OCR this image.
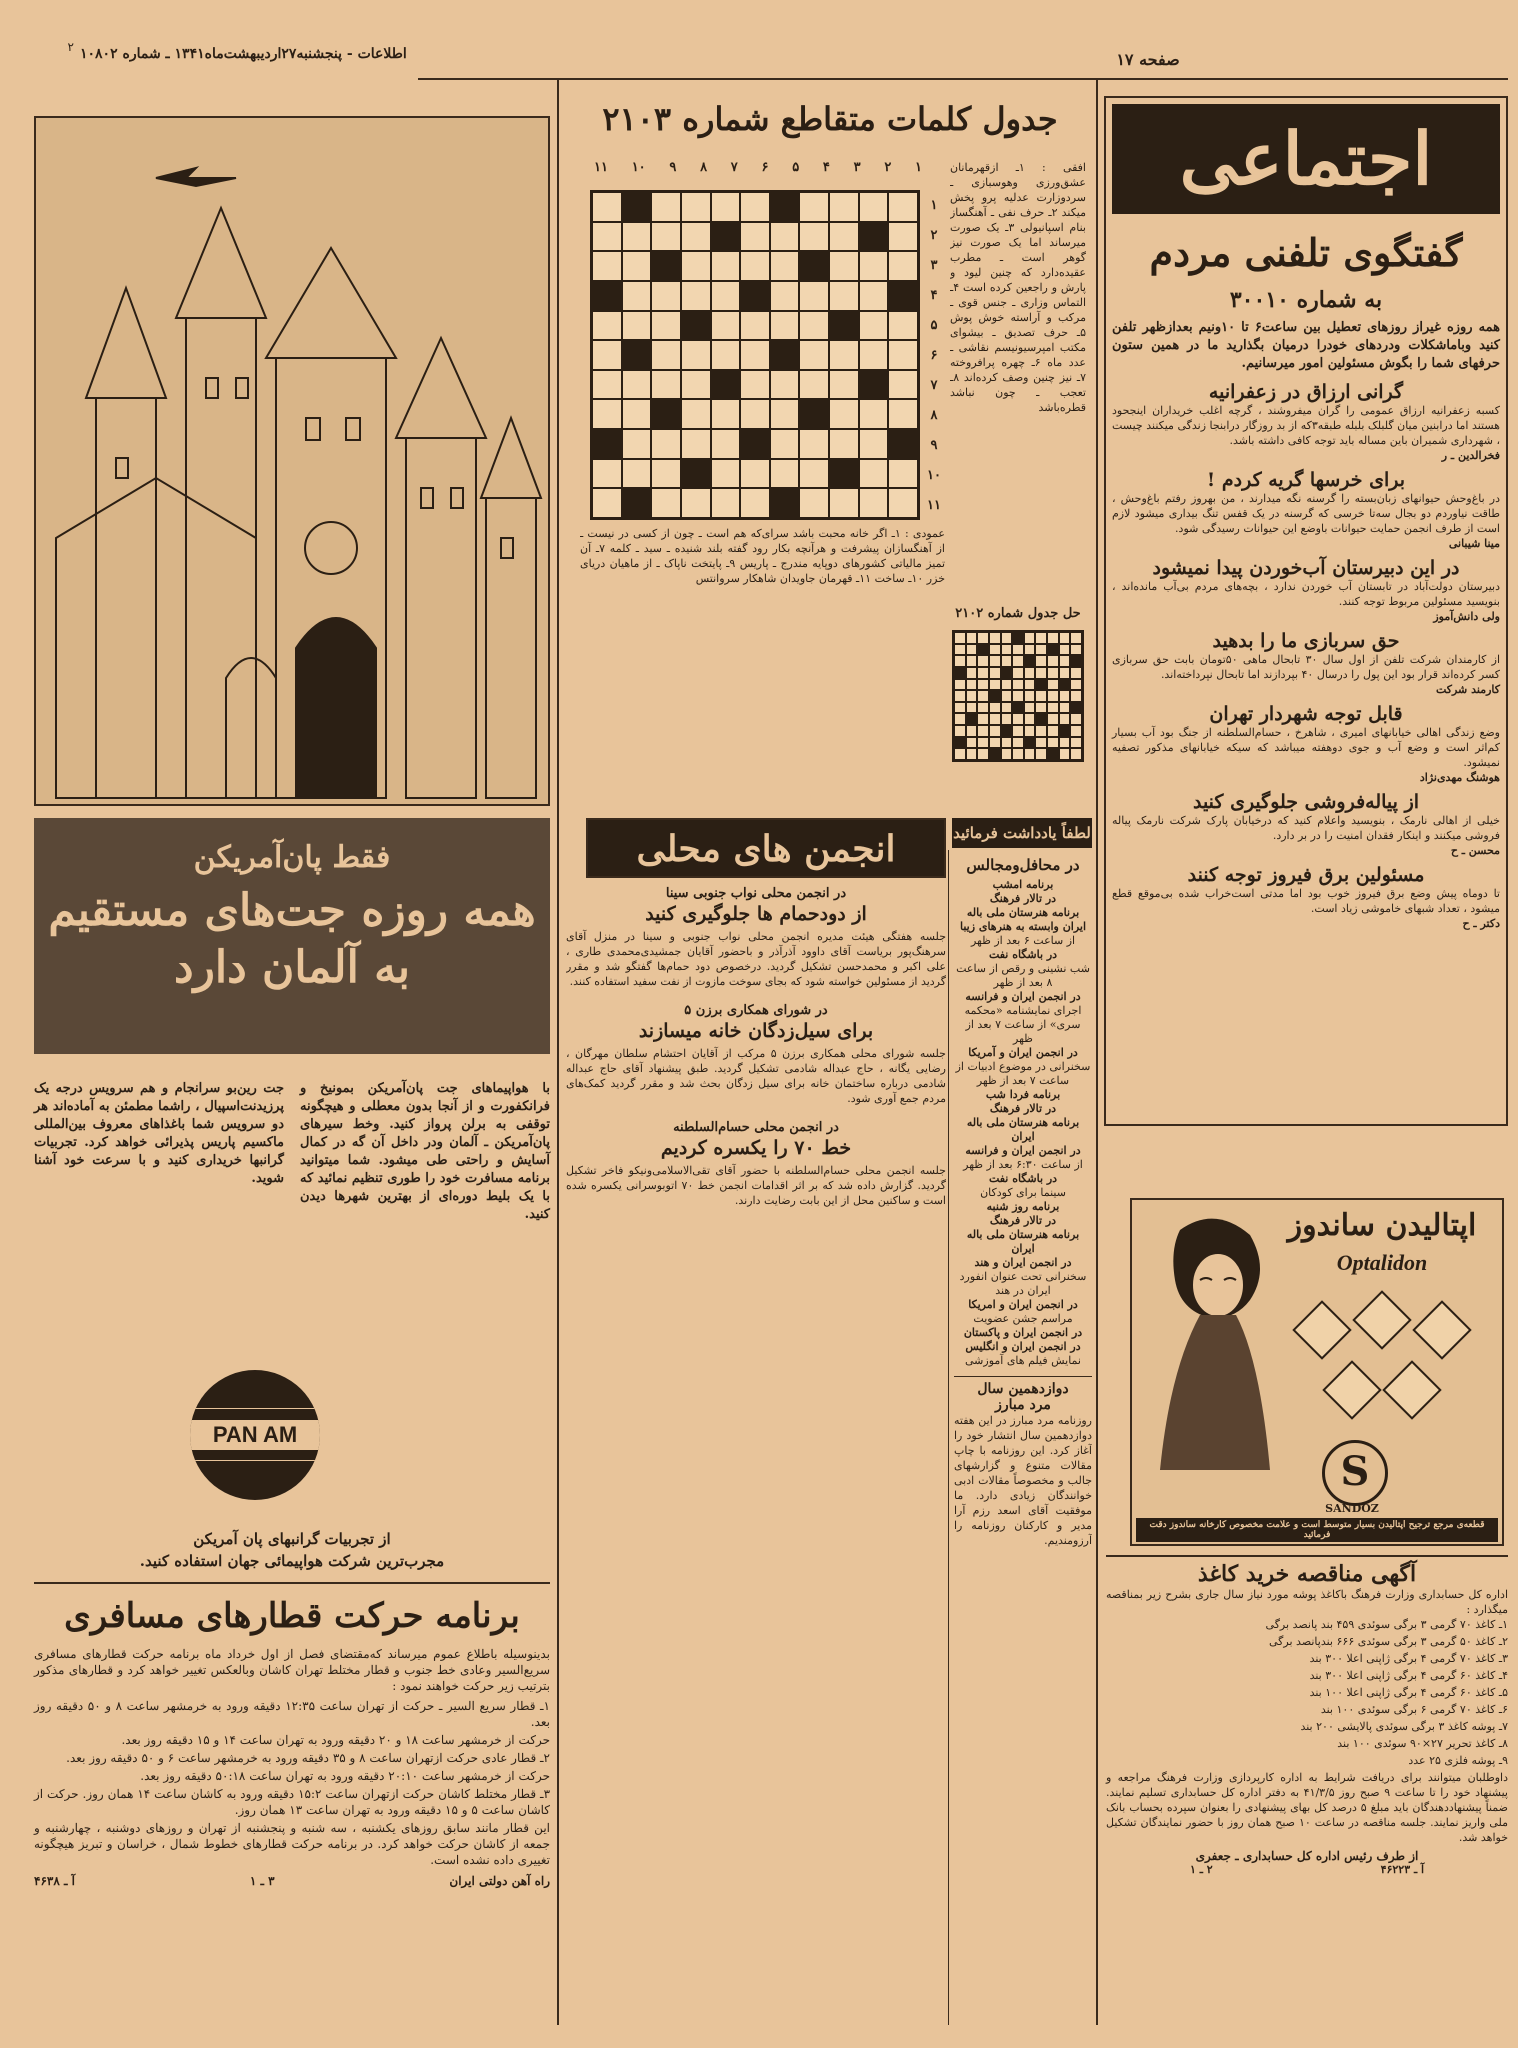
صفحه ۱۷
اطلاعات - پنجشنبه۲۷اردیبهشت‌ماه۱۳۴۱ ـ شماره ۱۰۸۰۲
۲
اجتماعی
گفتگوی تلفنی مردم
به شماره ۳۰۰۱۰
همه روزه غیراز روزهای تعطیل بین ساعت۶ تا ۱۰ونیم بعدازظهر تلفن کنید وباماشکلات ودردهای خودرا درمیان بگذارید ما در همین ستون حرفهای شما را بگوش مسئولین امور میرسانیم.
گرانی ارزاق در زعفرانیه
کسبه زعفرانیه ارزاق عمومی را گران میفروشند ، گرچه اغلب خریداران اینجحود هستند اما درابنین میان گلبلک بلبله طبقه۳که از بد روزگار درابنجا زندگی میکنند چیست ، شهرداری شمیران باین مساله باید توجه کافی داشته باشد.
فخرالدین ـ ر
برای خرسها گریه کردم !
در باغ‌وحش حیوانهای زبان‌بسته را گرسنه نگه میدارند ، من بهروز رفتم باغ‌وحش ، طاقت نیاوردم دو بجال سه‌تا خرسی که گرسنه در یک قفس تنگ بیداری میشود لازم است از طرف انجمن حمایت حیوانات باوضع این حیوانات رسیدگی شود.
مینا شیبانی
در این دبیرستان آب‌خوردن پیدا نمیشود
دبیرستان دولت‌آباد در تابستان آب خوردن ندارد ، بچه‌های مردم بی‌آب مانده‌اند ، بنویسید مسئولین مربوط توجه کنند.
ولی دانش‌آموز
حق سربازی ما را بدهید
از کارمندان شرکت تلفن از اول سال ۳۰ تابحال ماهی ۵۰تومان بابت حق سربازی کسر کرده‌اند قرار بود این پول را درسال ۴۰ بپردازند اما تابحال نپرداخته‌اند.
کارمند شرکت
قابل توجه شهردار تهران
وضع زندگی اهالی خیابانهای امیری ، شاهرخ ، حسام‌السلطنه از جنگ بود آب بسیار کم‌اثر است و وضع آب و جوی دوهفته میباشد که سیکه خیابانهای مذکور تصفیه نمیشود.
هوشنگ مهدی‌نژاد
از پیاله‌فروشی جلوگیری کنید
خیلی از اهالی نارمک ، بنویسید واعلام کنید که درخیابان پارک شرکت نارمک پیاله فروشی میکنند و اینکار فقدان امنیت را در بر دارد.
محسن ـ ح
مسئولین برق فیروز توجه کنند
تا دوماه پیش وضع برق فیروز خوب بود اما مدتی است‌خراب شده بی‌موقع قطع میشود ، تعداد شبهای خاموشی زیاد است.
دکتر ـ ح
اپتالیدن ساندوز
Optalidon
S
SANDOZ
قطعه‌ی مرجع ترجیح اپتالیدن بسیار متوسط است و علامت مخصوص کارخانه ساندوز دقت فرمائید
آگهی مناقصه خرید کاغذ
اداره کل حسابداری وزارت فرهنگ باکاغذ پوشه مورد نیاز سال جاری بشرح زیر بمناقصه میگذارد :

۱ـ کاغذ ۷۰ گرمی ۳ برگی سوئدی ۴۵۹ بند پانصد برگی

۲ـ کاغذ ۵۰ گرمی ۳ برگی سوئدی ۶۶۶ بندپانصد برگی

۳ـ کاغذ ۷۰ گرمی ۴ برگی ژاپنی اعلا ۳۰۰ بند

۴ـ کاغذ ۶۰ گرمی ۴ برگی ژاپنی اعلا ۳۰۰ بند

۵ـ کاغذ ۶۰ گرمی ۴ برگی ژاپنی اعلا ۱۰۰ بند

۶ـ کاغذ ۷۰ گرمی ۶ برگی سوئدی ۱۰۰ بند

۷ـ پوشه کاغذ ۳ برگی سوئدی پالایشی ۲۰۰ بند

۸ـ کاغذ تحریر ۲۷×۹۰ سوئدی ۱۰۰ بند

۹ـ پوشه فلزی ۲۵ عدد

داوطلبان میتوانند برای دریافت شرایط به اداره کارپردازی وزارت فرهنگ مراجعه و پیشنهاد خود را تا ساعت ۹ صبح روز ۴۱/۳/۵ به دفتر اداره کل حسابداری تسلیم نمایند. ضمناً پیشنهاددهندگان باید مبلغ ۵ درصد کل بهای پیشنهادی را بعنوان سپرده بحساب بانک ملی واریز نمایند. جلسه مناقصه در ساعت ۱۰ صبح همان روز با حضور نمایندگان تشکیل خواهد شد.
از طرف رئیس اداره کل حسابداری ـ جعفری
آ ـ ۴۶۲۲۳
۲ ـ ۱
جدول کلمات متقاطع شماره ۲۱۰۳
۱
۲
۳
۴
۵
۶
۷
۸
۹
۱۰
۱۱
۱
۲
۳
۴
۵
۶
۷
۸
۹
۱۰
۱۱
افقی : ۱ـ ازقهرمانان عشق‌ورزی وهوسبازی ـ سردوزارت عدلیه پرو پخش میکند ۲ـ حرف نفی ـ آهنگساز بنام اسپانیولی ۳ـ یک صورت میرساند اما یک صورت نیز گوهر است ـ مطرب عقیده‌دارد که چنین لیود و پارش و راجعین کرده است ۴ـ التماس وزاری ـ جنس قوی ـ مرکب و آراسته‌ خوش پوش ۵ـ حرف تصدیق ـ بیشوای مکتب امپرسیونیسم نقاشی ـ عدد ماه ۶ـ چهره پرافروخته ۷ـ نیز چنین وصف کرده‌اند ۸ـ تعجب ـ چون نباشد قطره‌باشد
عمودی : ۱ـ اگر خانه محبت باشد سرای‌که هم است ـ چون از کسی در نیست ـ از آهنگسازان پیشرفت و هرآنچه بکار رود گفته بلند شنیده ـ سید ـ کلمه ۷ـ آن تمیز مالیاتی کشورهای دوپایه مندرج ـ پاریس ۹ـ پایتخت ناپاک ـ از ماهیان دریای خزر ۱۰ـ ساخت ۱۱ـ قهرمان جاویدان شاهکار سروانتس
حل جدول شماره ۲۱۰۲
انجمن های محلی	لطفاً یادداشت فرمائید
در انجمن محلی نواب جنوبی سینا
از دودحمام ها جلوگیری کنید
جلسه هفتگی هیئت مدیره انجمن محلی نواب جنوبی و سینا در منزل آقای سرهنگ‌پور بریاست آقای داوود آذرآذر و باحضور آقایان جمشیدی‌محمدی طاری ، علی اکبر و محمدحسن تشکیل گردید. درخصوص دود حمام‌ها گفتگو شد و مقرر گردید از مسئولین خواسته شود که بجای سوخت مازوت از نفت سفید استفاده کنند.
در شورای همکاری برزن ۵
برای سیل‌زدگان خانه میسازند
جلسه شورای محلی همکاری برزن ۵ مرکب از آقایان احتشام سلطان مهرگان ، رضایی یگانه ، حاج عبداله شادمی تشکیل گردید. طبق پیشنهاد آقای حاج عبداله شادمی درباره ساختمان خانه برای سیل زدگان بحث شد و مقرر گردید کمک‌های مردم جمع آوری شود.
در انجمن محلی حسام‌السلطنه
خط ۷۰ را یکسره کردیم
جلسه انجمن محلی حسام‌السلطنه با حضور آقای تقی‌الاسلامی‌ونیکو فاخر تشکیل گردید. گزارش داده شد که بر اثر اقدامات انجمن خط ۷۰ اتوبوسرانی یکسره شده است و ساکنین محل از این بابت رضایت دارند.
در محافل‌ومجالس
برنامه امشب
در تالار فرهنگ
برنامه هنرستان ملی باله ایران وابسته به هنرهای زیبا
از ساعت ۶ بعد از ظهر
در باشگاه نفت
شب نشینی و رقص از ساعت ۸ بعد از ظهر
در انجمن ایران و فرانسه
اجرای نمایشنامه «محکمه سری» از ساعت ۷ بعد از ظهر
در انجمن ایران و آمریکا
سخنرانی در موضوع ادبیات از ساعت ۷ بعد از ظهر
برنامه فردا شب
در تالار فرهنگ
برنامه هنرستان ملی باله ایران
در انجمن ایران و فرانسه
از ساعت ۶:۳۰ بعد از ظهر
در باشگاه نفت
سینما برای کودکان
برنامه روز شنبه
در تالار فرهنگ
برنامه هنرستان ملی باله ایران
در انجمن ایران و هند
سخنرانی تحت عنوان انفورد ایران در هند
در انجمن ایران و امریکا
مراسم جشن عضویت
در انجمن ایران و پاکستان
در انجمن ایران و انگلیس
نمایش فیلم های آموزشی
دوازدهمین سال
مرد مبارز
روزنامه مرد مبارز در این هفته دوازدهمین سال انتشار خود را آغاز کرد. این روزنامه با چاپ مقالات متنوع و گزارشهای جالب و مخصوصاً مقالات ادبی خوانندگان زیادی دارد. ما موفقیت آقای اسعد رزم آرا مدیر و کارکنان روزنامه را آرزومندیم.
فقط پان‌آمریکن
همه روزه جت‌های مستقیم
به آلمان دارد
با هواپیماهای جت پان‌آمریکن بمونیخ و فرانکفورت و از آنجا بدون معطلی و هیچگونه توقفی به برلن پرواز کنید. وخط سیرهای پان‌آمریکن ـ آلمان ودر داخل آن گه در کمال آسایش و راحتی طی میشود. شما میتوانید برنامه مسافرت خود را طوری تنظیم نمائید که با یک بلیط دوره‌ای از بهترین شهرها دیدن کنید.
جت رین‌بو سرانجام و هم سرویس درجه یک پرزیدنت‌اسپیال ، راشما مطمئن به آماده‌اند هر دو سرویس شما باغذاهای معروف بین‌المللی ماکسیم پاریس پذیرائی خواهد کرد. تجربیات گرانبها خریداری کنید و با سرعت خود آشنا شوید.
PAN AM
از تجربیات گرانبهای پان آمریکن
مجرب‌ترین شرکت هواپیمائی جهان استفاده کنید.
برنامه حرکت قطارهای مسافری
بدینوسیله باطلاع عموم میرساند که‌مقتضای فصل از اول خرداد ماه برنامه حرکت قطارهای مسافری سریع‌السیر وعادی خط جنوب و قطار مختلط تهران کاشان وبالعکس تغییر خواهد کرد و قطارهای مذکور بترتیب زیر حرکت خواهند نمود :

۱ـ قطار سریع السیر ـ حرکت از تهران ساعت ۱۲:۳۵ دقیقه ورود به خرمشهر ساعت ۸ و ۵۰ دقیقه روز بعد.

حرکت از خرمشهر ساعت ۱۸ و ۲۰ دقیقه ورود به تهران ساعت ۱۴ و ۱۵ دقیقه روز بعد.

۲ـ قطار عادی حرکت ازتهران ساعت ۸ و ۳۵ دقیقه ورود به خرمشهر ساعت ۶ و ۵۰ دقیقه روز بعد.

حرکت از خرمشهر ساعت ۲۰:۱۰ دقیقه ورود به تهران ساعت ۵۰:۱۸ دقیقه روز بعد.

۳ـ قطار مختلط کاشان حرکت ازتهران ساعت ۱۵:۲ دقیقه ورود به کاشان ساعت ۱۴ همان روز. حرکت از کاشان ساعت ۵ و ۱۵ دقیقه ورود به تهران ساعت ۱۳ همان روز.

این قطار مانند سابق روزهای یکشنبه ، سه شنبه و پنجشنبه از تهران و روزهای دوشنبه ، چهارشنبه و جمعه از کاشان حرکت خواهد کرد. در برنامه حرکت قطارهای خطوط شمال ، خراسان و تبریز هیچگونه تغییری داده نشده است.
راه آهن دولتی ایران
۳ ـ ۱
آ ـ ۴۶۳۸
